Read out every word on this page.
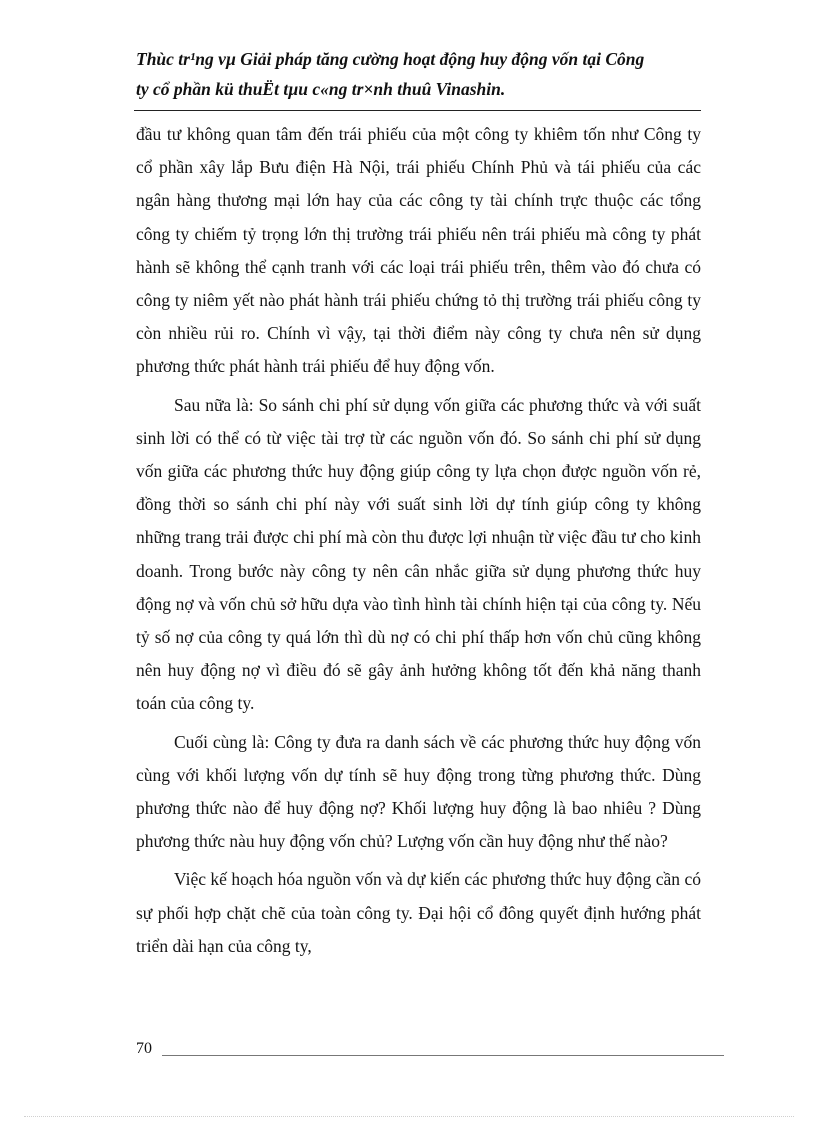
Thùc tr¹ng vµ Giải pháp tăng cường hoạt động huy động vốn tại Công
ty cổ phần kü thuËt tµu c«ng tr×nh thuû Vinashin.

đầu tư không quan tâm đến trái phiếu của một công ty khiêm tốn như Công ty cổ phần xây lắp Bưu điện Hà Nội, trái phiếu Chính Phủ và tái phiếu của các ngân hàng thương mại lớn hay của các công ty tài chính trực thuộc các tổng công ty chiếm tỷ trọng lớn thị trường trái phiếu nên trái phiếu mà công ty phát hành sẽ không thể cạnh tranh với các loại trái phiếu trên, thêm vào đó chưa có công ty niêm yết nào phát hành trái phiếu chứng tỏ thị trường trái phiếu công ty còn nhiều rủi ro. Chính vì vậy, tại thời điểm này công ty chưa nên sử dụng phương thức phát hành trái phiếu để huy động vốn.

Sau nữa là: So sánh chi phí sử dụng vốn giữa các phương thức và với suất sinh lời có thể có từ việc tài trợ từ các nguồn vốn đó. So sánh chi phí sử dụng vốn giữa các phương thức huy động giúp công ty lựa chọn được nguồn vốn rẻ, đồng thời so sánh chi phí này với suất sinh lời dự tính giúp công ty không những trang trải được chi phí mà còn thu được lợi nhuận từ việc đầu tư cho kinh doanh. Trong bước này công ty nên cân nhắc giữa sử dụng phương thức huy động nợ và vốn chủ sở hữu dựa vào tình hình tài chính hiện tại của công ty. Nếu tỷ số nợ của công ty quá lớn thì dù nợ có chi phí thấp hơn vốn chủ cũng không nên huy động nợ vì điều đó sẽ gây ảnh hưởng không tốt đến khả năng thanh toán của công ty.

Cuối cùng là: Công ty đưa ra danh sách về các phương thức huy động vốn cùng với khối lượng vốn dự tính sẽ huy động trong từng phương thức. Dùng phương thức nào để huy động nợ? Khối lượng huy động là bao nhiêu ? Dùng phương thức nàu huy động vốn chủ? Lượng vốn cần huy động như thế nào?

Việc kế hoạch hóa nguồn vốn và dự kiến các phương thức huy động cần có sự phối hợp chặt chẽ của toàn công ty. Đại hội cổ đông quyết định hướng phát triển dài hạn của công ty,

70
